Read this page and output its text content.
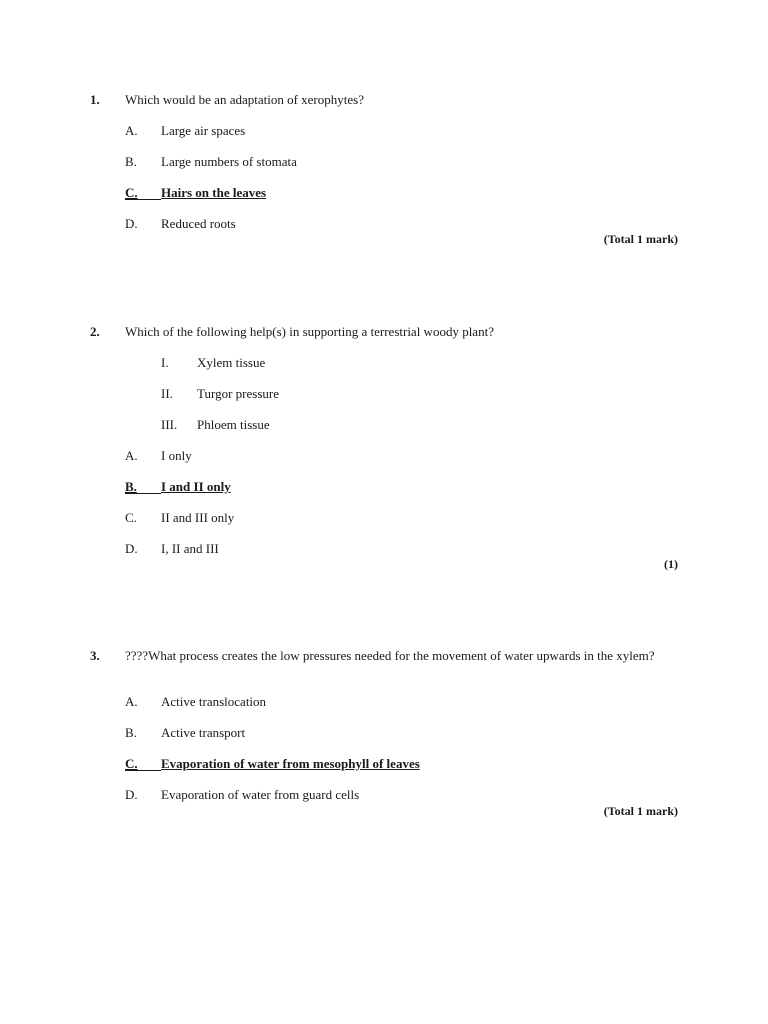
1. Which would be an adaptation of xerophytes?
A. Large air spaces
B. Large numbers of stomata
C. Hairs on the leaves
D. Reduced roots
(Total 1 mark)
2. Which of the following help(s) in supporting a terrestrial woody plant?
I. Xylem tissue
II. Turgor pressure
III. Phloem tissue
A. I only
B. I and II only
C. II and III only
D. I, II and III
(1)
3. ????What process creates the low pressures needed for the movement of water upwards in the xylem?
A. Active translocation
B. Active transport
C. Evaporation of water from mesophyll of leaves
D. Evaporation of water from guard cells
(Total 1 mark)
